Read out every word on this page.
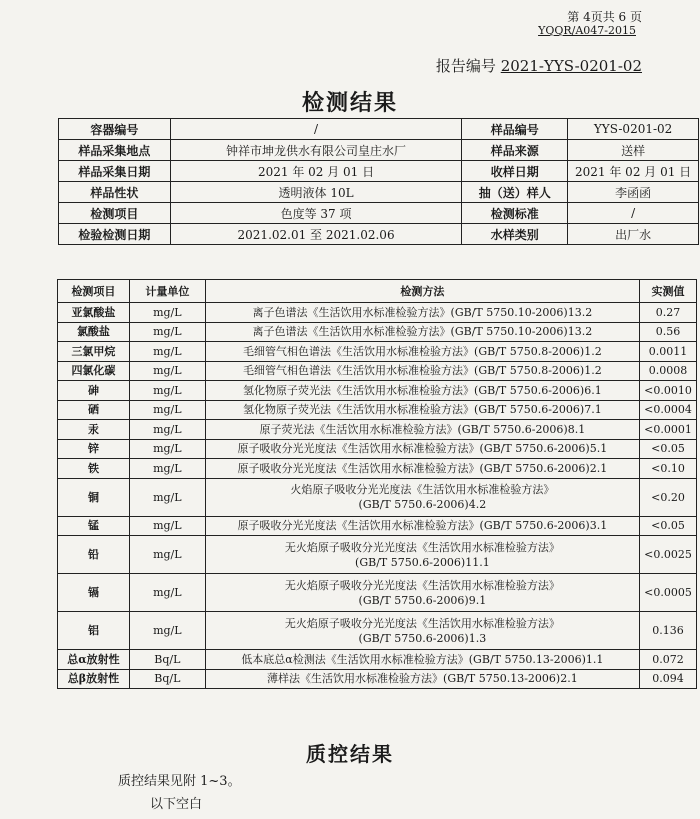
第 4页共 6 页
YQQR/A047-2015
报告编号 2021-YYS-0201-02
检测结果
容器编号	/	样品编号	YYS-0201-02
样品采集地点	钟祥市坤龙供水有限公司皇庄水厂	样品来源	送样
样品采集日期	2021 年 02 月 01 日	收样日期	2021 年 02 月 01 日
样品性状	透明液体 10L	抽（送）样人	李函函
检测项目	色度等 37 项	检测标准	/
检验检测日期	2021.02.01 至 2021.02.06	水样类别	出厂水
检测项目	计量单位	检测方法	实测值
亚氯酸盐	mg/L	离子色谱法《生活饮用水标准检验方法》(GB/T 5750.10-2006)13.2	0.27
氯酸盐	mg/L	离子色谱法《生活饮用水标准检验方法》(GB/T 5750.10-2006)13.2	0.56
三氯甲烷	mg/L	毛细管气相色谱法《生活饮用水标准检验方法》(GB/T 5750.8-2006)1.2	0.0011
四氯化碳	mg/L	毛细管气相色谱法《生活饮用水标准检验方法》(GB/T 5750.8-2006)1.2	0.0008
砷	mg/L	氢化物原子荧光法《生活饮用水标准检验方法》(GB/T 5750.6-2006)6.1	<0.0010
硒	mg/L	氢化物原子荧光法《生活饮用水标准检验方法》(GB/T 5750.6-2006)7.1	<0.0004
汞	mg/L	原子荧光法《生活饮用水标准检验方法》(GB/T 5750.6-2006)8.1	<0.0001
锌	mg/L	原子吸收分光光度法《生活饮用水标准检验方法》(GB/T 5750.6-2006)5.1	<0.05
铁	mg/L	原子吸收分光光度法《生活饮用水标准检验方法》(GB/T 5750.6-2006)2.1	<0.10
铜	mg/L	火焰原子吸收分光光度法《生活饮用水标准检验方法》
(GB/T 5750.6-2006)4.2	<0.20
锰	mg/L	原子吸收分光光度法《生活饮用水标准检验方法》(GB/T 5750.6-2006)3.1	<0.05
铅	mg/L	无火焰原子吸收分光光度法《生活饮用水标准检验方法》
(GB/T 5750.6-2006)11.1	<0.0025
镉	mg/L	无火焰原子吸收分光光度法《生活饮用水标准检验方法》
(GB/T 5750.6-2006)9.1	<0.0005
铝	mg/L	无火焰原子吸收分光光度法《生活饮用水标准检验方法》
(GB/T 5750.6-2006)1.3	0.136
总α放射性	Bq/L	低本底总α检测法《生活饮用水标准检验方法》(GB/T 5750.13-2006)1.1	0.072
总β放射性	Bq/L	薄样法《生活饮用水标准检验方法》(GB/T 5750.13-2006)2.1	0.094
质控结果
质控结果见附 1~3。
以下空白
